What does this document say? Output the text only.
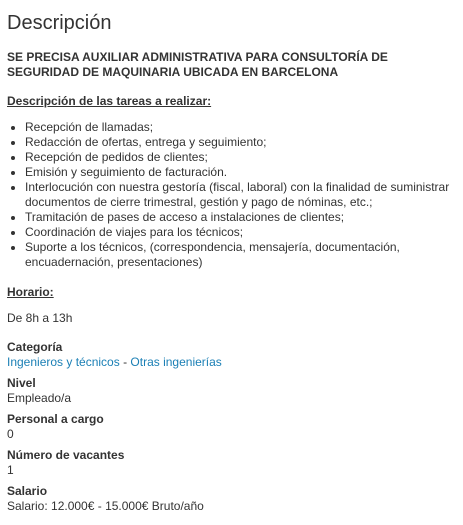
Descripción
SE PRECISA AUXILIAR ADMINISTRATIVA PARA CONSULTORÍA DE SEGURIDAD DE MAQUINARIA UBICADA EN BARCELONA
Descripción de las tareas a realizar:
• Recepción de llamadas;
• Redacción de ofertas, entrega y seguimiento;
• Recepción de pedidos de clientes;
• Emisión y seguimiento de facturación.
• Interlocución con nuestra gestoría (fiscal, laboral) con la finalidad de suministrar documentos de cierre trimestral, gestión y pago de nóminas, etc.;
• Tramitación de pases de acceso a instalaciones de clientes;
• Coordinación de viajes para los técnicos;
• Suporte a los técnicos, (correspondencia, mensajería, documentación, encuadernación, presentaciones)
Horario:
De 8h a 13h
Categoría
Ingenieros y técnicos - Otras ingenierías
Nivel
Empleado/a
Personal a cargo
0
Número de vacantes
1
Salario
Salario: 12.000€ - 15.000€ Bruto/año
